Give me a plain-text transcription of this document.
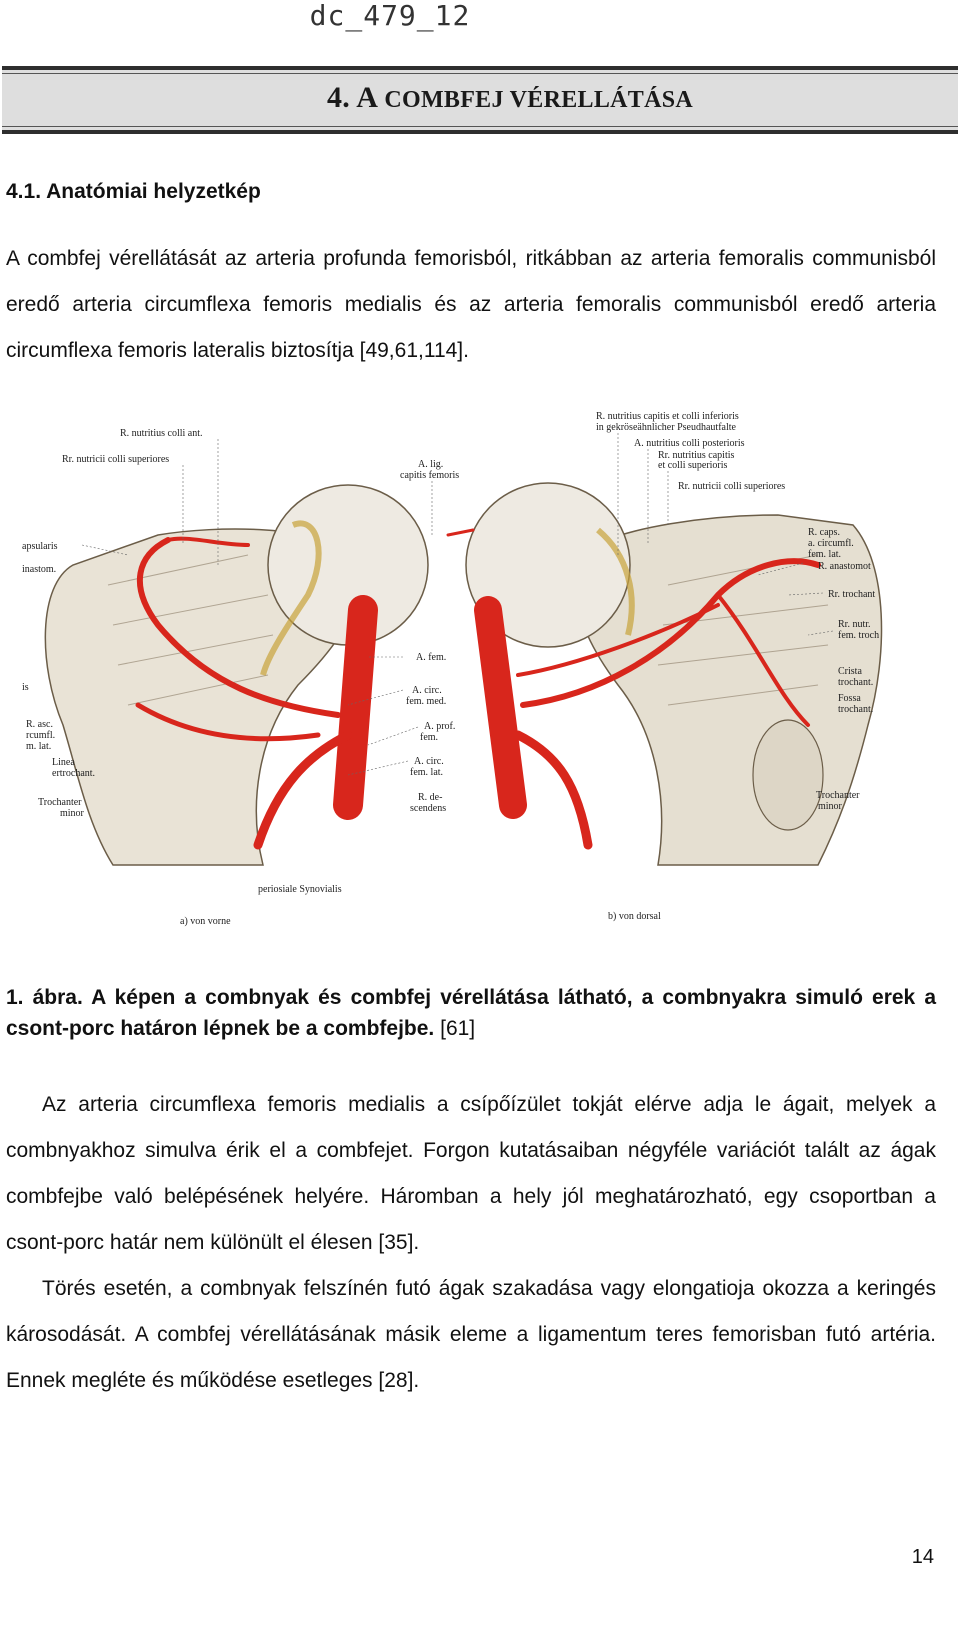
dc_479_12
4. A COMBFEJ VÉRELLÁTÁSA
4.1. Anatómiai helyzetkép

A combfej vérellátását az arteria profunda femorisból, ritkábban az arteria femoralis communisból eredő arteria circumflexa femoris medialis és az arteria femoralis communisból eredő arteria circumflexa femoris lateralis biztosítja [49,61,114].

R. nutritius colli ant.
Rr. nutricii colli superiores
apsularis
inastom.
is
R. asc.
rcumfl.
m. lat.
Linea
ertrochant.
Trochanter
minor
a) von vorne
periosiale Synovialis
A. lig.
capitis femoris
A. fem.
A. circ.
fem. med.
A. prof.
fem.
A. circ.
fem. lat.
R. de-
scendens
R. nutritius capitis et colli inferioris
in gekröseähnlicher Pseudhautfalte
A. nutritius colli posterioris
Rr. nutritius capitis
et colli superioris
Rr. nutricii colli superiores
R. caps.
a. circumfl.
fem. lat.
R. anastomot
Rr. trochant
Rr. nutr.
fem. troch
Crista
trochant.
Fossa
trochant.
Trochanter
minor
b) von dorsal
1. ábra. A képen a combnyak és combfej vérellátása látható, a combnyakra simuló erek a csont-porc határon lépnek be a combfejbe. [61]

Az arteria circumflexa femoris medialis a csípőízület tokját elérve adja le ágait, melyek a combnyakhoz simulva érik el a combfejet. Forgon kutatásaiban négyféle variációt talált az ágak combfejbe való belépésének helyére. Háromban a hely jól meghatározható, egy csoportban a csont-porc határ nem különült el élesen [35].

Törés esetén, a combnyak felszínén futó ágak szakadása vagy elongatioja okozza a keringés károsodását. A combfej vérellátásának másik eleme a ligamentum teres femorisban futó artéria. Ennek megléte és működése esetleges [28].

14
